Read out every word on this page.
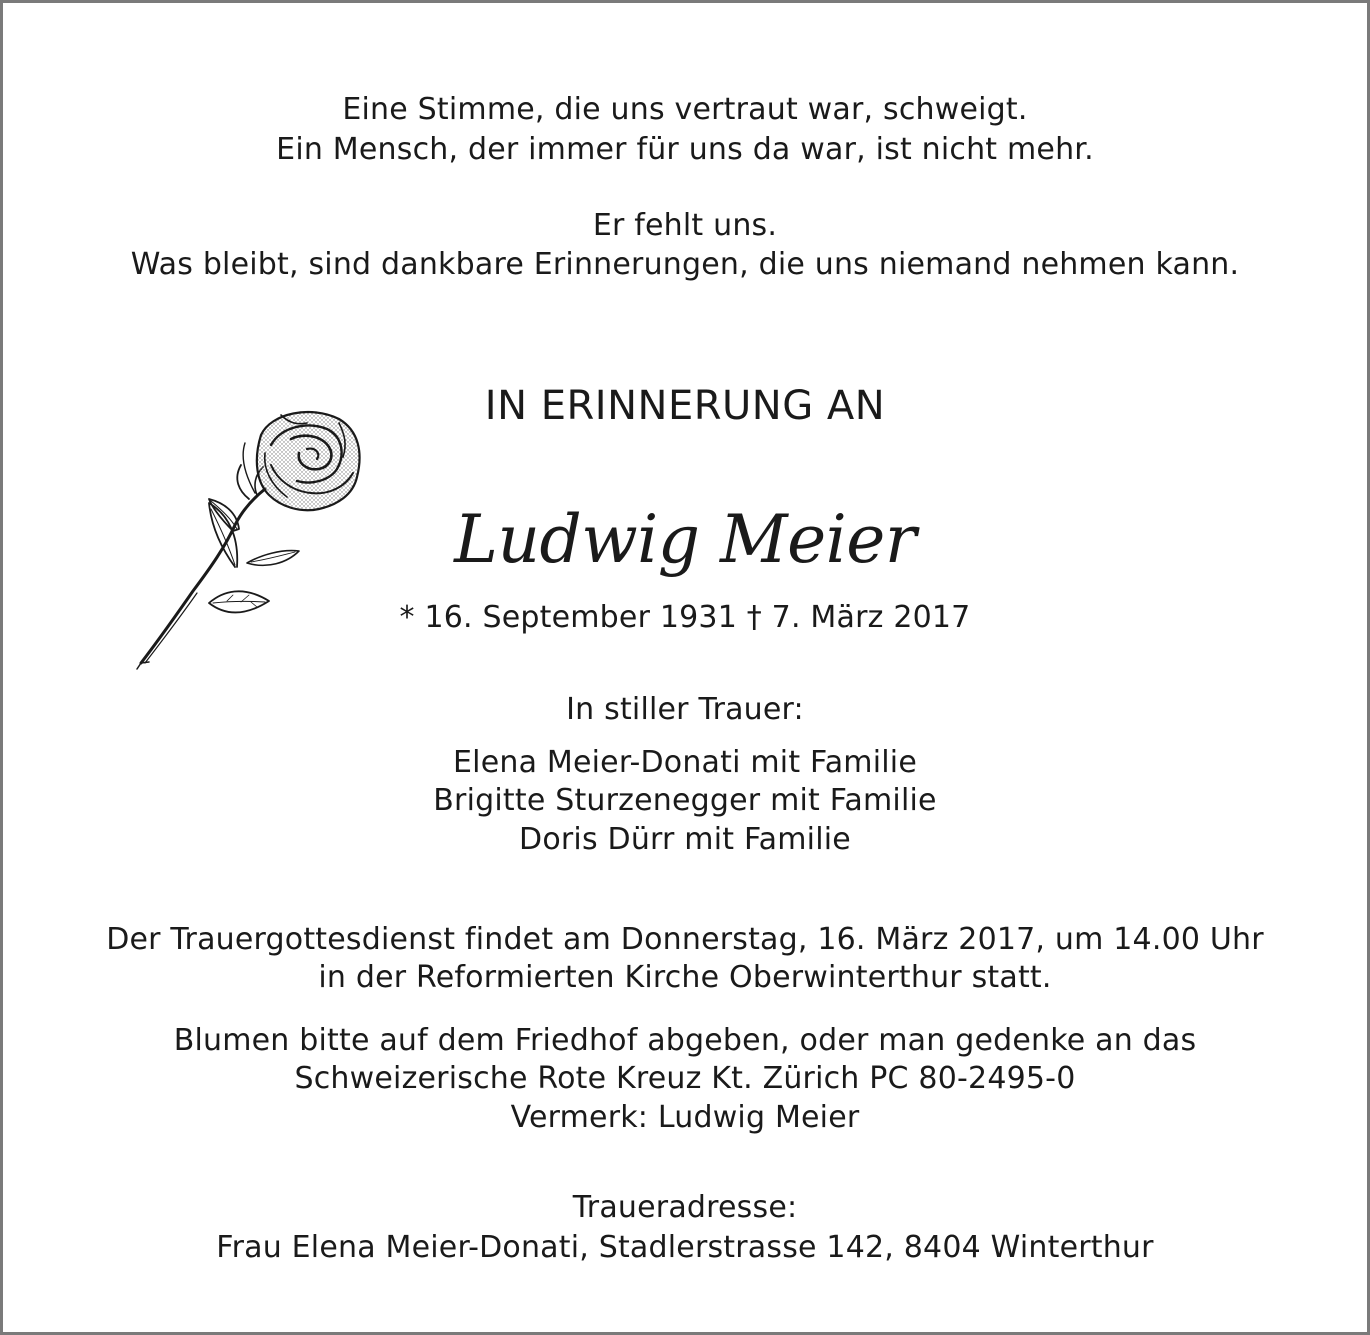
Eine Stimme, die uns vertraut war, schweigt.
Ein Mensch, der immer für uns da war, ist nicht mehr.
Er fehlt uns.
Was bleibt, sind dankbare Erinnerungen, die uns niemand nehmen kann.
IN ERINNERUNG AN
Ludwig Meier
* 16. September 1931 † 7. März 2017
In stiller Trauer:
Elena Meier-Donati mit Familie
Brigitte Sturzenegger mit Familie
Doris Dürr mit Familie
Der Trauergottesdienst findet am Donnerstag, 16. März 2017, um 14.00 Uhr
in der Reformierten Kirche Oberwinterthur statt.
Blumen bitte auf dem Friedhof abgeben, oder man gedenke an das
Schweizerische Rote Kreuz Kt. Zürich PC 80-2495-0
Vermerk: Ludwig Meier
Traueradresse:
Frau Elena Meier-Donati, Stadlerstrasse 142, 8404 Winterthur
